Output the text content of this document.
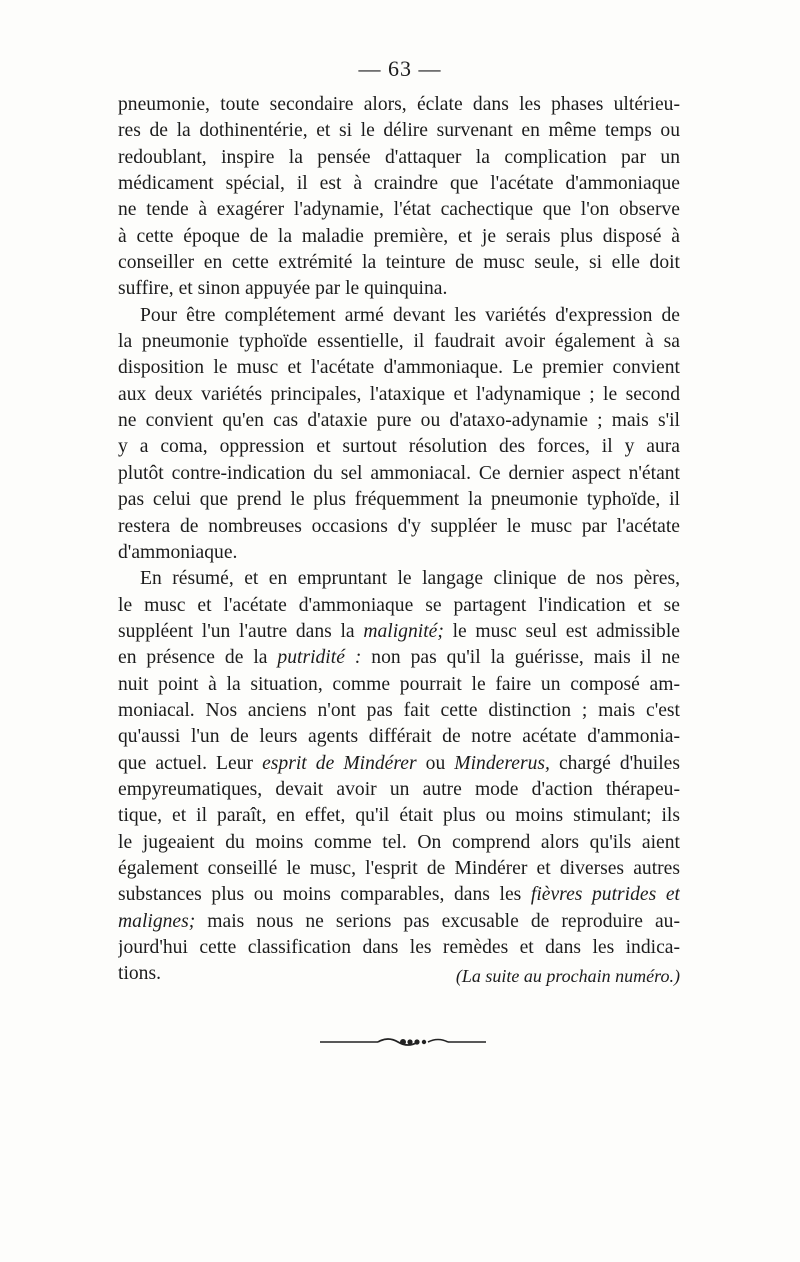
— 63 —
pneumonie, toute secondaire alors, éclate dans les phases ultérieu-
res de la dothinentérie, et si le délire survenant en même temps ou
redoublant, inspire la pensée d'attaquer la complication par un
médicament spécial, il est à craindre que l'acétate d'ammoniaque
ne tende à exagérer l'adynamie, l'état cachectique que l'on observe
à cette époque de la maladie première, et je serais plus disposé à
conseiller en cette extrémité la teinture de musc seule, si elle doit
suffire, et sinon appuyée par le quinquina.
Pour être complétement armé devant les variétés d'expression de
la pneumonie typhoïde essentielle, il faudrait avoir également à sa
disposition le musc et l'acétate d'ammoniaque. Le premier convient
aux deux variétés principales, l'ataxique et l'adynamique ; le second
ne convient qu'en cas d'ataxie pure ou d'ataxo-adynamie ; mais s'il
y a coma, oppression et surtout résolution des forces, il y aura
plutôt contre-indication du sel ammoniacal. Ce dernier aspect n'étant
pas celui que prend le plus fréquemment la pneumonie typhoïde, il
restera de nombreuses occasions d'y suppléer le musc par l'acétate
d'ammoniaque.
En résumé, et en empruntant le langage clinique de nos pères,
le musc et l'acétate d'ammoniaque se partagent l'indication et se
suppléent l'un l'autre dans la malignité; le musc seul est admissible
en présence de la putridité : non pas qu'il la guérisse, mais il ne
nuit point à la situation, comme pourrait le faire un composé am-
moniacal. Nos anciens n'ont pas fait cette distinction ; mais c'est
qu'aussi l'un de leurs agents différait de notre acétate d'ammonia-
que actuel. Leur esprit de Mindérer ou Mindererus, chargé d'huiles
empyreumatiques, devait avoir un autre mode d'action thérapeu-
tique, et il paraît, en effet, qu'il était plus ou moins stimulant; ils
le jugeaient du moins comme tel. On comprend alors qu'ils aient
également conseillé le musc, l'esprit de Mindérer et diverses autres
substances plus ou moins comparables, dans les fièvres putrides et
malignes; mais nous ne serions pas excusable de reproduire au-
jourd'hui cette classification dans les remèdes et dans les indica-
tions.	(La suite au prochain numéro.)
